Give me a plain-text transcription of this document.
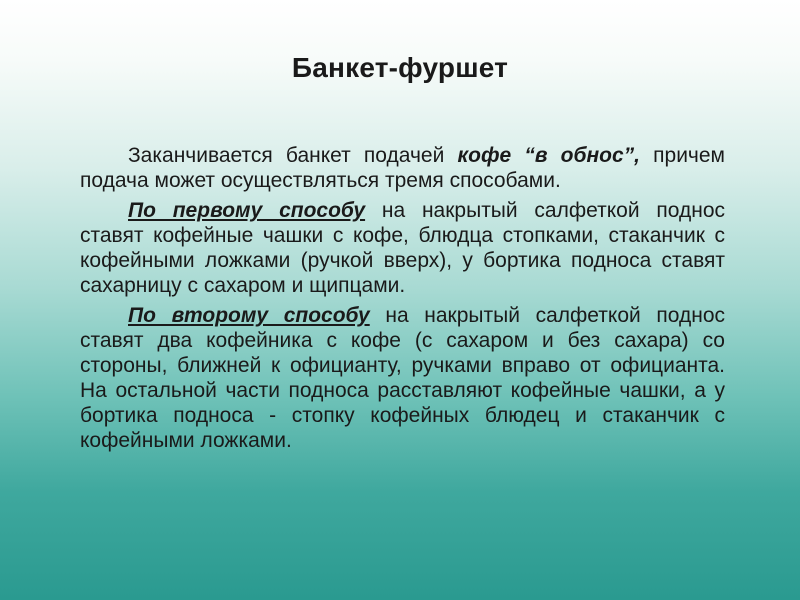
Банкет-фуршет

Заканчивается банкет подачей кофе “в обнос”, причем подача может осуществляться тремя способами.

По первому способу на накрытый салфеткой поднос ставят кофейные чашки с кофе, блюдца стопками, стаканчик с кофейными ложками (ручкой вверх), у бортика подноса ставят сахарницу с сахаром и щипцами.

По второму способу на накрытый салфеткой поднос ставят два кофейника с кофе (с сахаром и без сахара) со стороны, ближней к официанту, ручками вправо от официанта. На остальной части подноса расставляют кофейные чашки, а у бортика подноса - стопку кофейных блюдец и стаканчик с кофейными ложками.
